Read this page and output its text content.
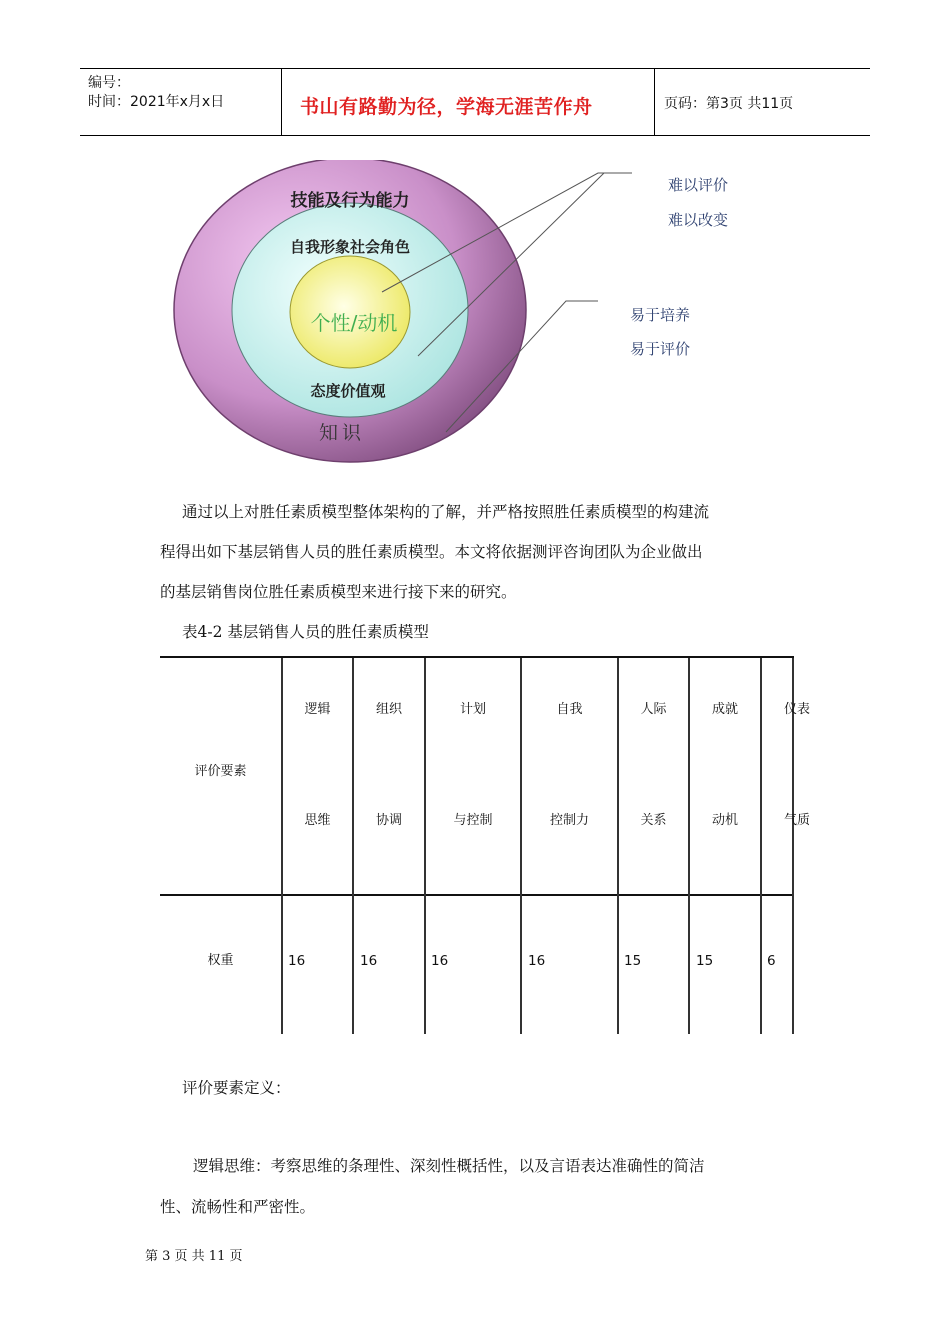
编号：
时间：2021年x月x日	书山有路勤为径，学海无涯苦作舟	页码：第3页 共11页
技能及行为能力
自我形象社会角色
个性/动机
态度价值观
知识
难以评价
难以改变
易于培养
易于评价
通过以上对胜任素质模型整体架构的了解，并严格按照胜任素质模型的构建流
程得出如下基层销售人员的胜任素质模型。本文将依据测评咨询团队为企业做出
的基层销售岗位胜任素质模型来进行接下来的研究。
表4-2 基层销售人员的胜任素质模型
评价要素
权重
逻辑
思维
16
组织
协调
16
计划
与控制
16
自我
控制力
16
人际
关系
15
成就
动机
15
仪表
气质
6
评价要素定义：
逻辑思维：考察思维的条理性、深刻性概括性，以及言语表达准确性的简洁
性、流畅性和严密性。
第 3 页 共 11 页
